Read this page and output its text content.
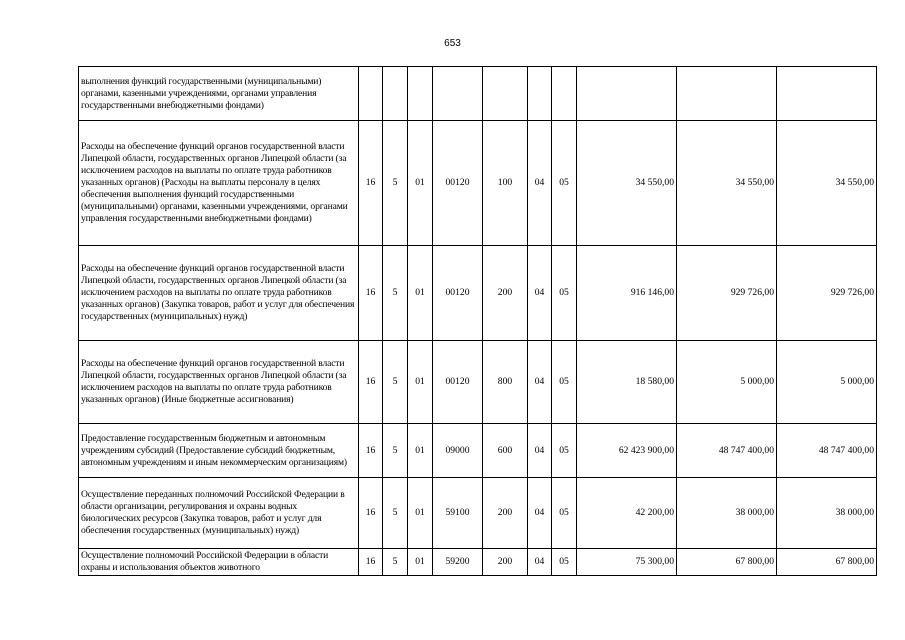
653
выполнения функций государственными (муниципальными) органами, казенными учреждениями, органами управления государственными внебюджетными фондами)										
Расходы на обеспечение функций органов государственной власти Липецкой области, государственных органов Липецкой области (за исключением расходов на выплаты по оплате труда работников указанных органов) (Расходы на выплаты персоналу в целях обеспечения выполнения функций государственными (муниципальными) органами, казенными учреждениями, органами управления государственными внебюджетными фондами)	16	5	01	00120	100	04	05	34 550,00	34 550,00	34 550,00
Расходы на обеспечение функций органов государственной власти Липецкой области, государственных органов Липецкой области (за исключением расходов на выплаты по оплате труда работников указанных органов) (Закупка товаров, работ и услуг для обеспечения государственных (муниципальных) нужд)	16	5	01	00120	200	04	05	916 146,00	929 726,00	929 726,00
Расходы на обеспечение функций органов государственной власти Липецкой области, государственных органов Липецкой области (за исключением расходов на выплаты по оплате труда работников указанных органов) (Иные бюджетные ассигнования)	16	5	01	00120	800	04	05	18 580,00	5 000,00	5 000,00
Предоставление государственным бюджетным и автономным учреждениям субсидий (Предоставление субсидий бюджетным, автономным учреждениям и иным некоммерческим организациям)	16	5	01	09000	600	04	05	62 423 900,00	48 747 400,00	48 747 400,00
Осуществление переданных полномочий Российской Федерации в области организации, регулирования и охраны водных биологических ресурсов (Закупка товаров, работ и услуг для обеспечения государственных (муниципальных) нужд)	16	5	01	59100	200	04	05	42 200,00	38 000,00	38 000,00
Осуществление полномочий Российской Федерации в области охраны и использования объектов животного	16	5	01	59200	200	04	05	75 300,00	67 800,00	67 800,00
